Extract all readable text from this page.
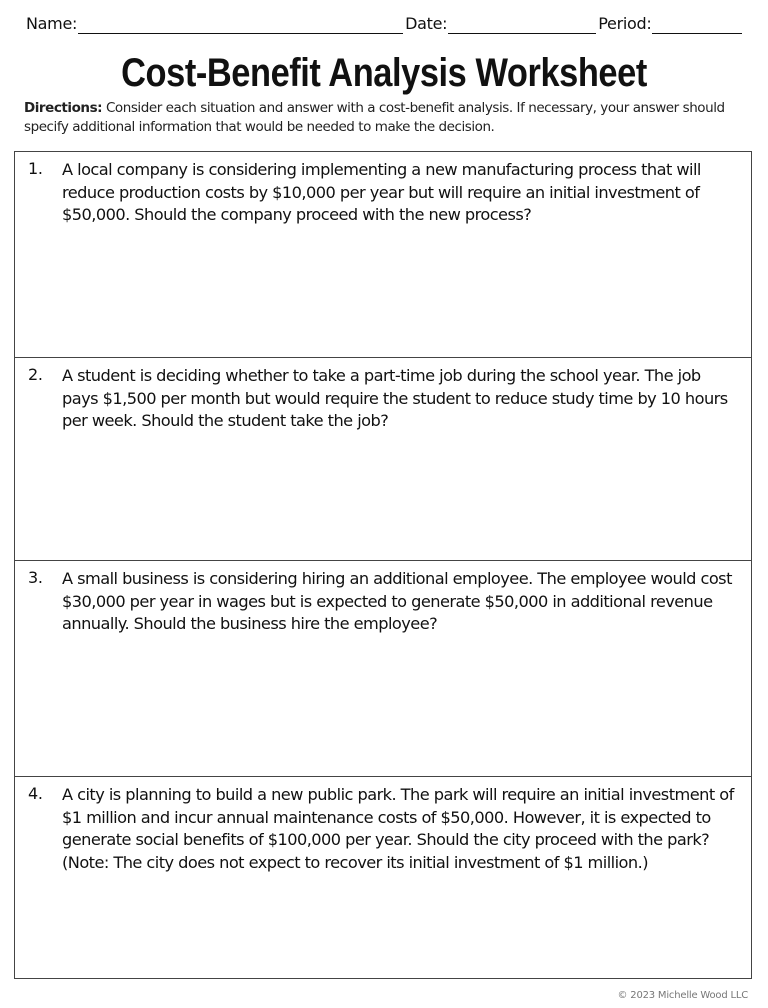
Name:	Date:	Period:
Cost-Benefit Analysis Worksheet
Directions: Consider each situation and answer with a cost-benefit analysis. If necessary, your answer should specify additional information that would be needed to make the decision.
1. A local company is considering implementing a new manufacturing process that will reduce production costs by $10,000 per year but will require an initial investment of $50,000. Should the company proceed with the new process?
2. A student is deciding whether to take a part-time job during the school year. The job pays $1,500 per month but would require the student to reduce study time by 10 hours per week. Should the student take the job?
3. A small business is considering hiring an additional employee. The employee would cost $30,000 per year in wages but is expected to generate $50,000 in additional revenue annually. Should the business hire the employee?
4. A city is planning to build a new public park. The park will require an initial investment of $1 million and incur annual maintenance costs of $50,000. However, it is expected to generate social benefits of $100,000 per year. Should the city proceed with the park? (Note: The city does not expect to recover its initial investment of $1 million.)
© 2023 Michelle Wood LLC
